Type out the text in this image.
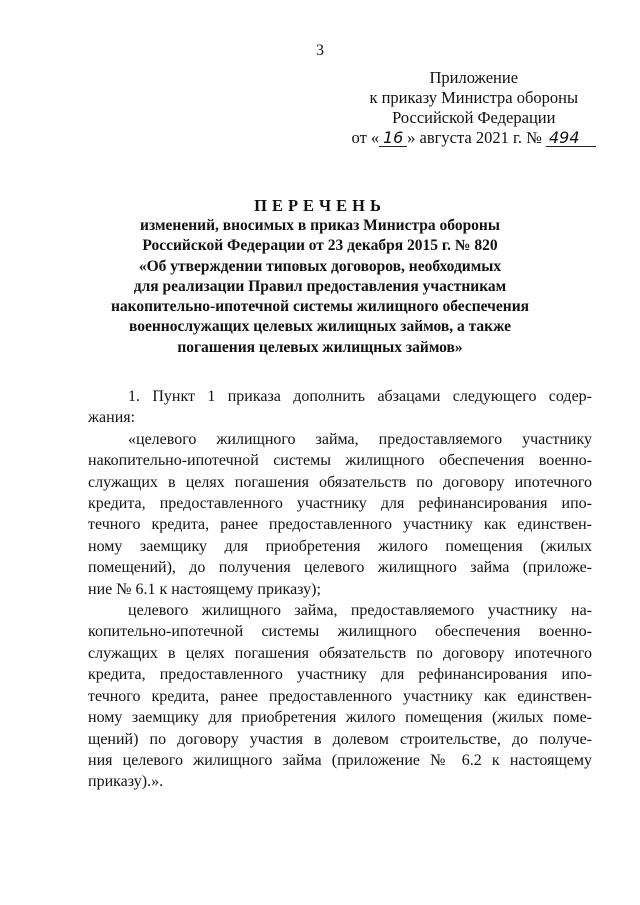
3
Приложение
к приказу Министра обороны
Российской Федерации
от « 16 » августа 2021 г. № 494
ПЕРЕЧЕНЬ
изменений, вносимых в приказ Министра обороны
Российской Федерации от 23 декабря 2015 г. № 820
«Об утверждении типовых договоров, необходимых
для реализации Правил предоставления участникам
накопительно-ипотечной системы жилищного обеспечения
военнослужащих целевых жилищных займов, а также
погашения целевых жилищных займов»
1. Пункт 1 приказа дополнить абзацами следующего содер-
жания:
«целевого жилищного займа, предоставляемого участнику
накопительно-ипотечной системы жилищного обеспечения военно-
служащих в целях погашения обязательств по договору ипотечного
кредита, предоставленного участнику для рефинансирования ипо-
течного кредита, ранее предоставленного участнику как единствен-
ному заемщику для приобретения жилого помещения (жилых
помещений), до получения целевого жилищного займа (приложе-
ние № 6.1 к настоящему приказу);
целевого жилищного займа, предоставляемого участнику на-
копительно-ипотечной системы жилищного обеспечения военно-
служащих в целях погашения обязательств по договору ипотечного
кредита, предоставленного участнику для рефинансирования ипо-
течного кредита, ранее предоставленного участнику как единствен-
ному заемщику для приобретения жилого помещения (жилых поме-
щений) по договору участия в долевом строительстве, до получе-
ния целевого жилищного займа (приложение № 6.2 к настоящему
приказу).».
